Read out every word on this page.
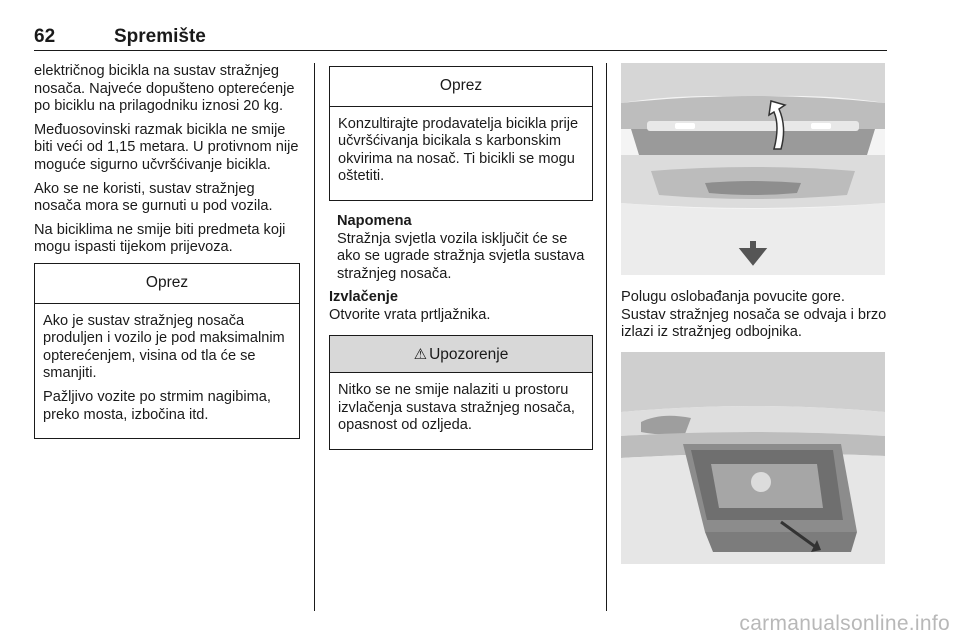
62	Spremište

električnog bicikla na sustav stražnjeg nosača. Najveće dopušteno opterećenje po biciklu na prilagodniku iznosi 20 kg.

Međuosovinski razmak bicikla ne smije biti veći od 1,15 metara. U protivnom nije moguće sigurno učvršćivanje bicikla.

Ako se ne koristi, sustav stražnjeg nosača mora se gurnuti u pod vozila.

Na biciklima ne smije biti predmeta koji mogu ispasti tijekom prijevoza.

Oprez

Ako je sustav stražnjeg nosača produljen i vozilo je pod maksimalnim opterećenjem, visina od tla će se smanjiti.

Pažljivo vozite po strmim nagibima, preko mosta, izbočina itd.

Oprez

Konzultirajte prodavatelja bicikla prije učvršćivanja bicikala s karbonskim okvirima na nosač. Ti bicikli se mogu oštetiti.

Napomena
Stražnja svjetla vozila isključit će se ako se ugrade stražnja svjetla sustava stražnjeg nosača.
Izvlačenje

Otvorite vrata prtljažnika.

⚠ Upozorenje

Nitko se ne smije nalaziti u prostoru izvlačenja sustava stražnjeg nosača, opasnost od ozljeda.

Polugu oslobađanja povucite gore. Sustav stražnjeg nosača se odvaja i brzo izlazi iz stražnjeg odbojnika.

carmanualsonline.info
